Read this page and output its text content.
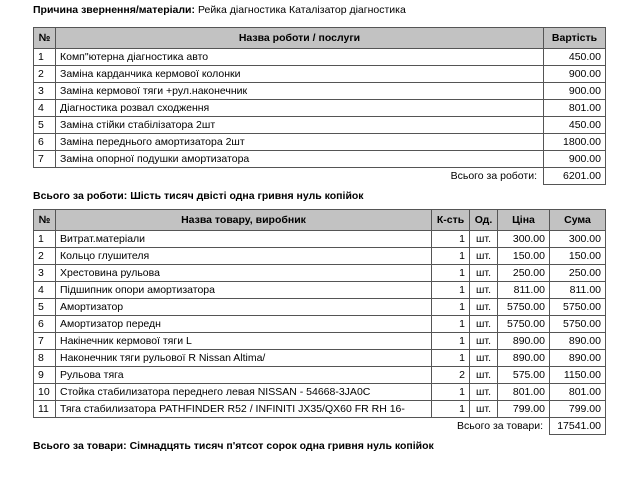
Причина звернення/матеріали: Рейка діагностика Каталізатор діагностика
№	Назва роботи / послуги	Вартість
1	Комп"ютерна діагностика авто	450.00
2	Заміна карданчика кермової колонки	900.00
3	Заміна кермової тяги +рул.наконечник	900.00
4	Діагностика розвал сходження	801.00
5	Заміна стійки стабілізатора 2шт	450.00
6	Заміна переднього амортизатора 2шт	1800.00
7	Заміна опорної подушки амортизатора	900.00
Всього за роботи:		6201.00
Всього за роботи: Шість тисяч двісті одна гривня нуль копійок
№	Назва товару, виробник	К-сть	Од.	Ціна	Сума
1	Витрат.матеріали	1	шт.	300.00	300.00
2	Кольцо глушителя	1	шт.	150.00	150.00
3	Хрестовина рульова	1	шт.	250.00	250.00
4	Підшипник опори амортизатора	1	шт.	811.00	811.00
5	Амортизатор	1	шт.	5750.00	5750.00
6	Амортизатор передн	1	шт.	5750.00	5750.00
7	Накінечник кермової тяги L	1	шт.	890.00	890.00
8	Наконечник тяги рульової R Nissan Altima/	1	шт.	890.00	890.00
9	Рульова тяга	2	шт.	575.00	1150.00
10	Стойка стабилизатора переднего левая NISSAN - 54668-3JA0C	1	шт.	801.00	801.00
11	Тяга стабилизатора PATHFINDER R52 / INFINITI JX35/QX60 FR RH 16-	1	шт.	799.00	799.00
Всього за товари:					17541.00
Всього за товари: Сімнадцять тисяч п'ятсот сорок одна гривня нуль копійок
